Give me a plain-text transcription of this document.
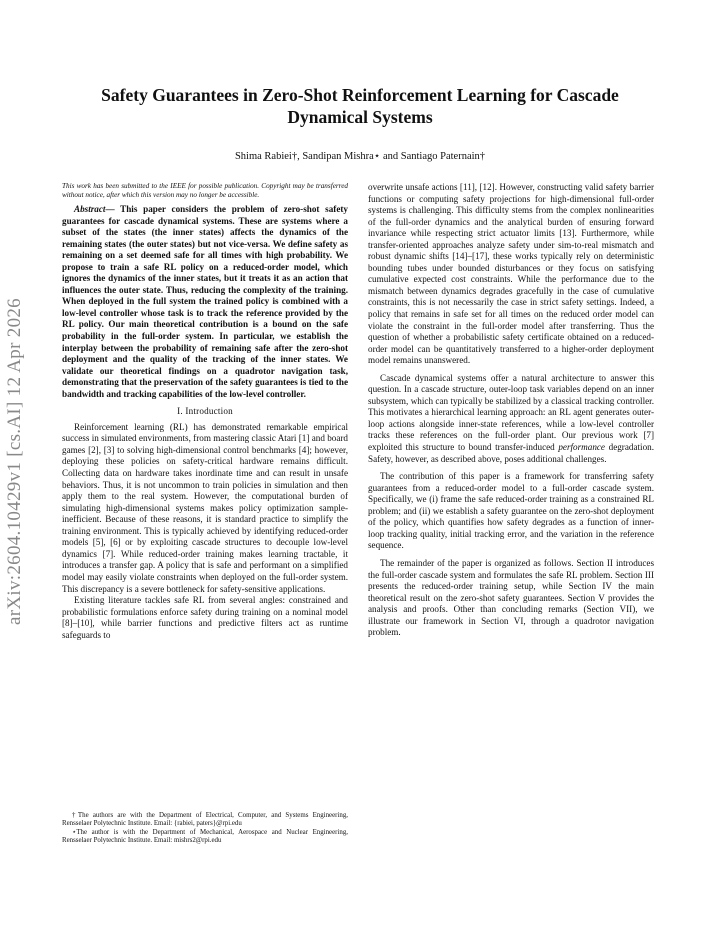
arXiv:2604.10429v1 [cs.AI] 12 Apr 2026
Safety Guarantees in Zero-Shot Reinforcement Learning for Cascade Dynamical Systems
Shima Rabiei†, Sandipan Mishra⋆ and Santiago Paternain†

This work has been submitted to the IEEE for possible publication. Copyright may be transferred without notice, after which this version may no longer be accessible.

Abstract— This paper considers the problem of zero-shot safety guarantees for cascade dynamical systems. These are systems where a subset of the states (the inner states) affects the dynamics of the remaining states (the outer states) but not vice-versa. We define safety as remaining on a set deemed safe for all times with high probability. We propose to train a safe RL policy on a reduced-order model, which ignores the dynamics of the inner states, but it treats it as an action that influences the outer state. Thus, reducing the complexity of the training. When deployed in the full system the trained policy is combined with a low-level controller whose task is to track the reference provided by the RL policy. Our main theoretical contribution is a bound on the safe probability in the full-order system. In particular, we establish the interplay between the probability of remaining safe after the zero-shot deployment and the quality of the tracking of the inner states. We validate our theoretical findings on a quadrotor navigation task, demonstrating that the preservation of the safety guarantees is tied to the bandwidth and tracking capabilities of the low-level controller.

I. Introduction

Reinforcement learning (RL) has demonstrated remarkable empirical success in simulated environments, from mastering classic Atari [1] and board games [2], [3] to solving high-dimensional control benchmarks [4]; however, deploying these policies on safety-critical hardware remains difficult. Collecting data on hardware takes inordinate time and can result in unsafe behaviors. Thus, it is not uncommon to train policies in simulation and then apply them to the real system. However, the computational burden of simulating high-dimensional systems makes policy optimization sample-inefficient. Because of these reasons, it is standard practice to simplify the training environment. This is typically achieved by identifying reduced-order models [5], [6] or by exploiting cascade structures to decouple low-level dynamics [7]. While reduced-order training makes learning tractable, it introduces a transfer gap. A policy that is safe and performant on a simplified model may easily violate constraints when deployed on the full-order system. This discrepancy is a severe bottleneck for safety-sensitive applications.

Existing literature tackles safe RL from several angles: constrained and probabilistic formulations enforce safety during training on a nominal model [8]–[10], while barrier functions and predictive filters act as runtime safeguards to

†The authors are with the Department of Electrical, Computer, and Systems Engineering, Rensselaer Polytechnic Institute. Email: {rabiei, paters}@rpi.edu

⋆The author is with the Department of Mechanical, Aerospace and Nuclear Engineering, Rensselaer Polytechnic Institute. Email: mishrs2@rpi.edu

overwrite unsafe actions [11], [12]. However, constructing valid safety barrier functions or computing safety projections for high-dimensional full-order systems is challenging. This difficulty stems from the complex nonlinearities of the full-order dynamics and the analytical burden of ensuring forward invariance while respecting strict actuator limits [13]. Furthermore, while transfer-oriented approaches analyze safety under sim-to-real mismatch and robust dynamic shifts [14]–[17], these works typically rely on deterministic bounding tubes under bounded disturbances or they focus on satisfying cumulative expected cost constraints. While the performance due to the mismatch between dynamics degrades gracefully in the case of cumulative constraints, this is not necessarily the case in strict safety settings. Indeed, a policy that remains in safe set for all times on the reduced order model can violate the constraint in the full-order model after transferring. Thus the question of whether a probabilistic safety certificate obtained on a reduced-order model can be quantitatively transferred to a higher-order deployment model remains unanswered.

Cascade dynamical systems offer a natural architecture to answer this question. In a cascade structure, outer-loop task variables depend on an inner subsystem, which can typically be stabilized by a classical tracking controller. This motivates a hierarchical learning approach: an RL agent generates outer-loop actions alongside inner-state references, while a low-level controller tracks these references on the full-order plant. Our previous work [7] exploited this structure to bound transfer-induced performance degradation. Safety, however, as described above, poses additional challenges.

The contribution of this paper is a framework for transferring safety guarantees from a reduced-order model to a full-order cascade system. Specifically, we (i) frame the safe reduced-order training as a constrained RL problem; and (ii) we establish a safety guarantee on the zero-shot deployment of the policy, which quantifies how safety degrades as a function of inner-loop tracking quality, initial tracking error, and the variation in the reference sequence.

The remainder of the paper is organized as follows. Section II introduces the full-order cascade system and formulates the safe RL problem. Section III presents the reduced-order training setup, while Section IV the main theoretical result on the zero-shot safety guarantees. Section V provides the analysis and proofs. Other than concluding remarks (Section VII), we illustrate our framework in Section VI, through a quadrotor navigation problem.
